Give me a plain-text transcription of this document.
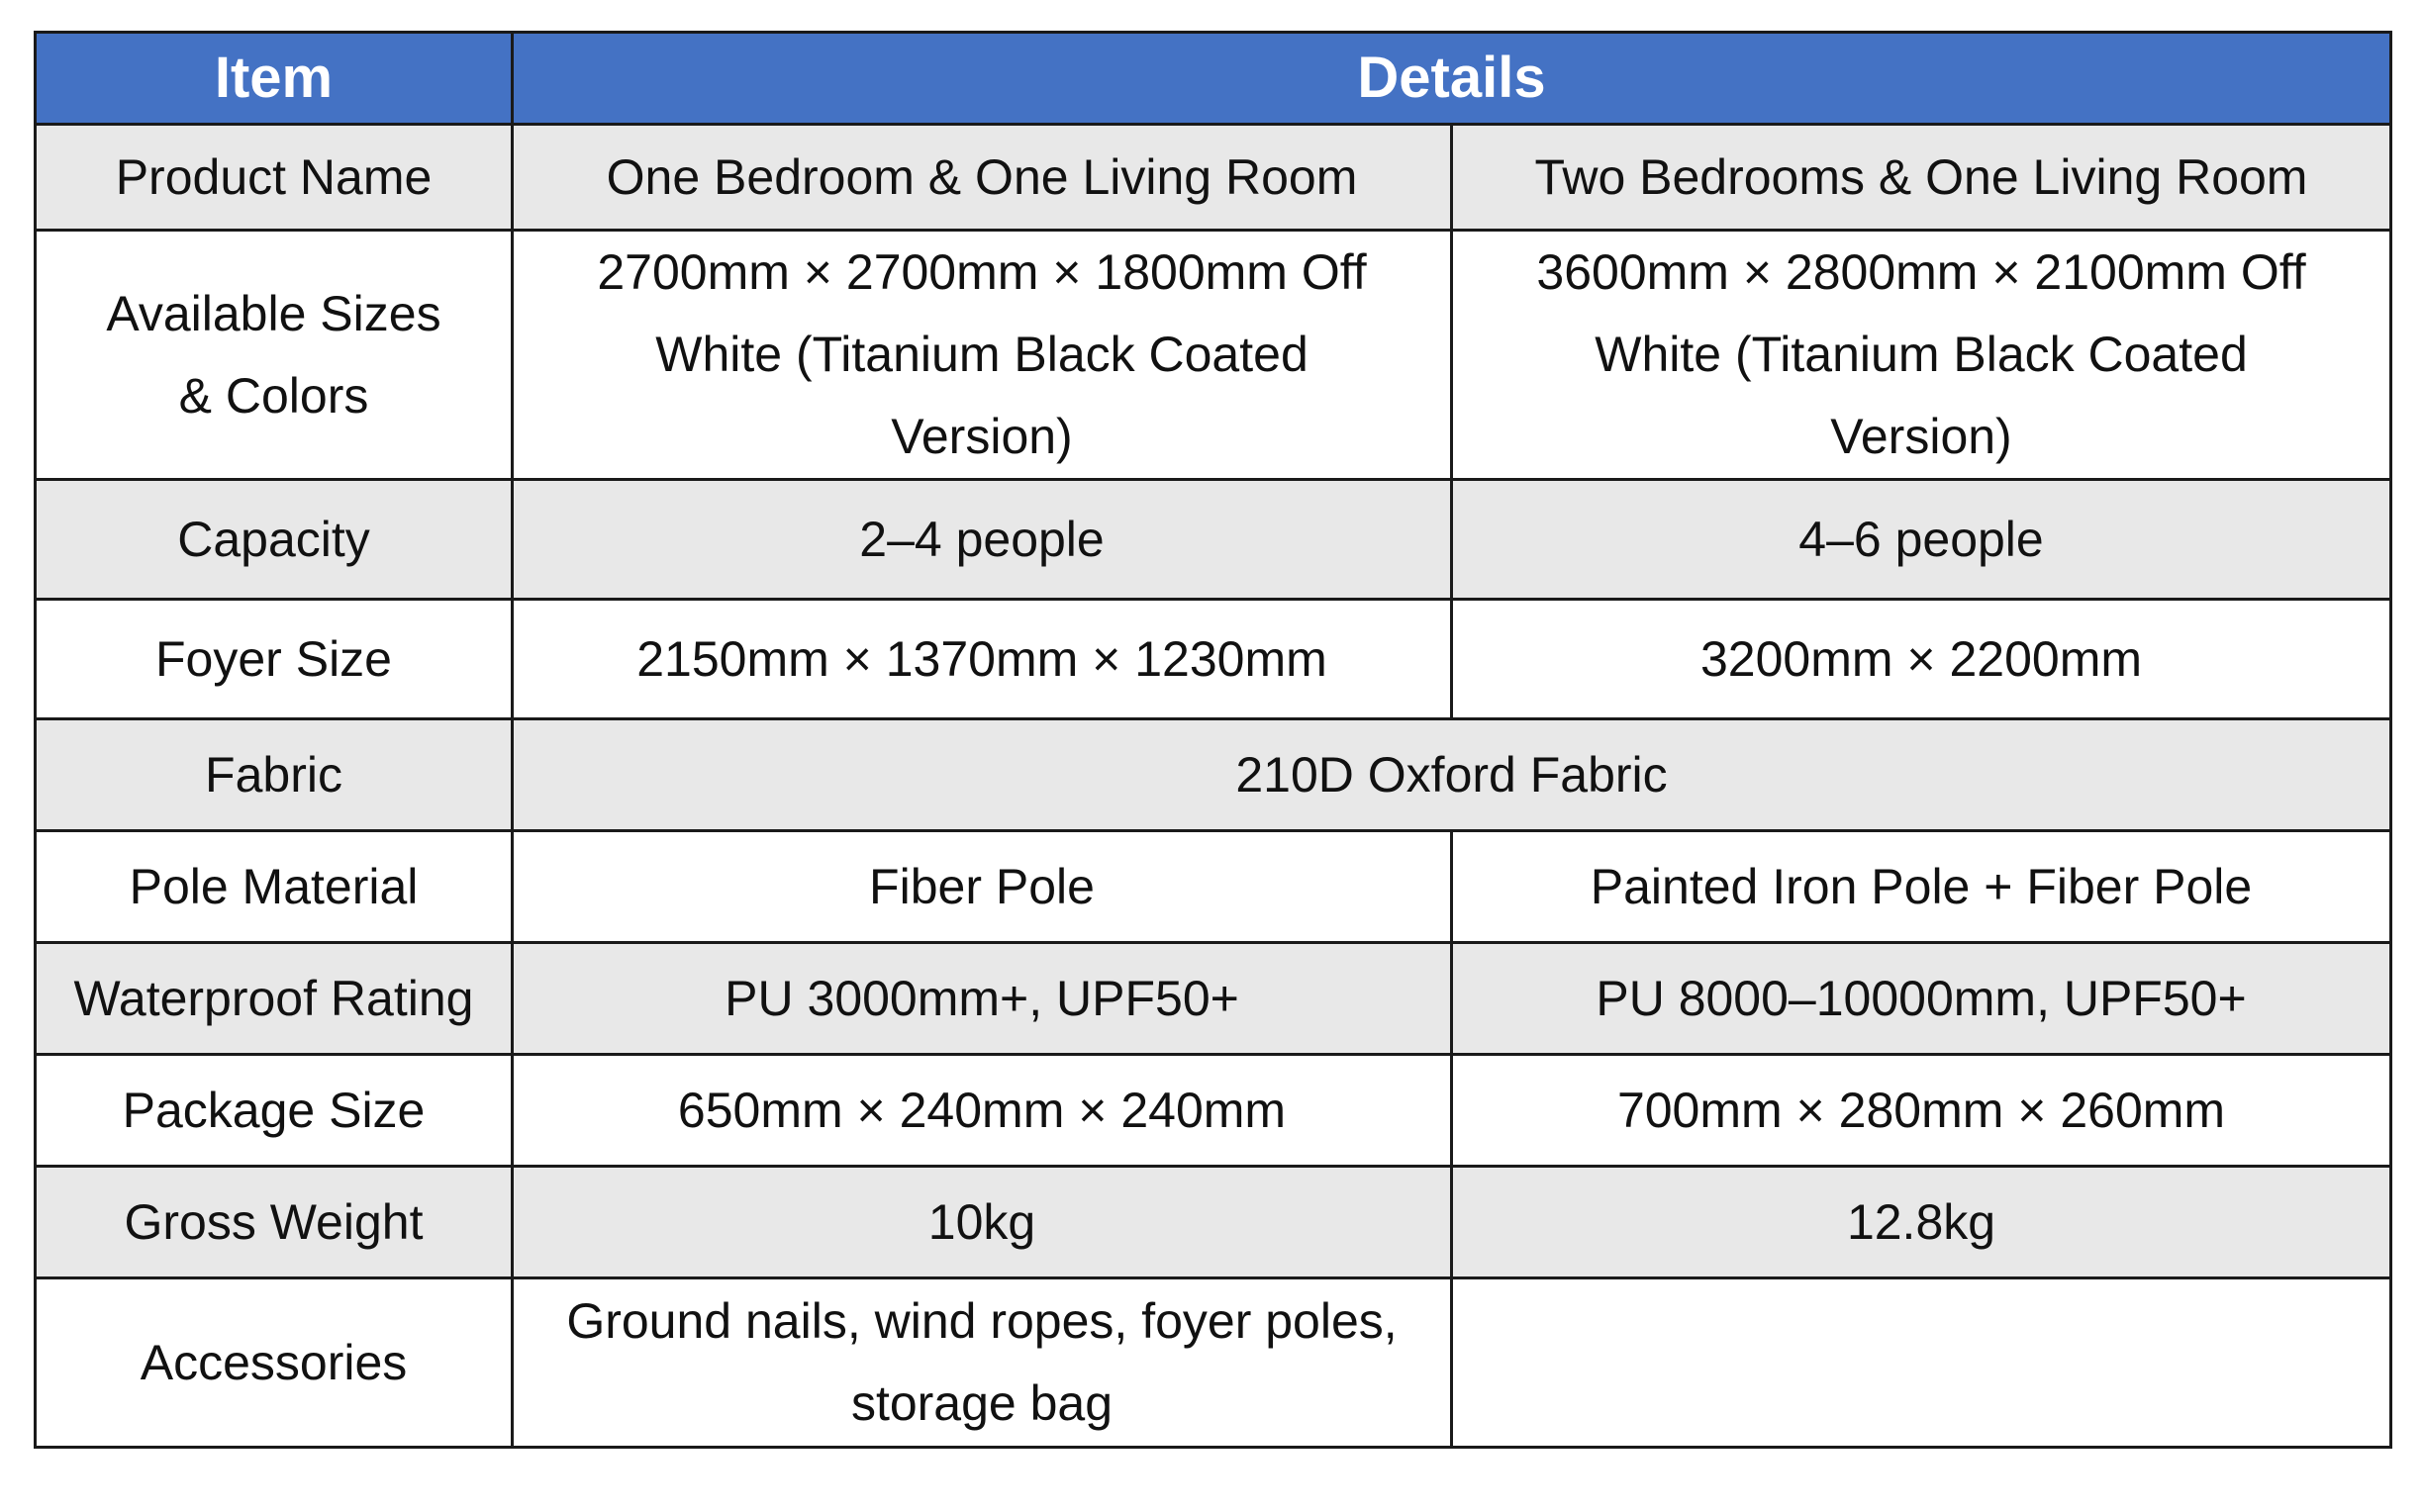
Item	Details	
Product Name	One Bedroom & One Living Room	Two Bedrooms & One Living Room
Available Sizes & Colors	2700mm × 2700mm × 1800mm Off White (Titanium Black Coated Version)	3600mm × 2800mm × 2100mm Off White (Titanium Black Coated Version)
Capacity	2–4 people	4–6 people
Foyer Size	2150mm × 1370mm × 1230mm	3200mm × 2200mm
Fabric	210D Oxford Fabric	
Pole Material	Fiber Pole	Painted Iron Pole + Fiber Pole
Waterproof Rating	PU 3000mm+, UPF50+	PU 8000–10000mm, UPF50+
Package Size	650mm × 240mm × 240mm	700mm × 280mm × 260mm
Gross Weight	10kg	12.8kg
Accessories	Ground nails, wind ropes, foyer poles, storage bag	
